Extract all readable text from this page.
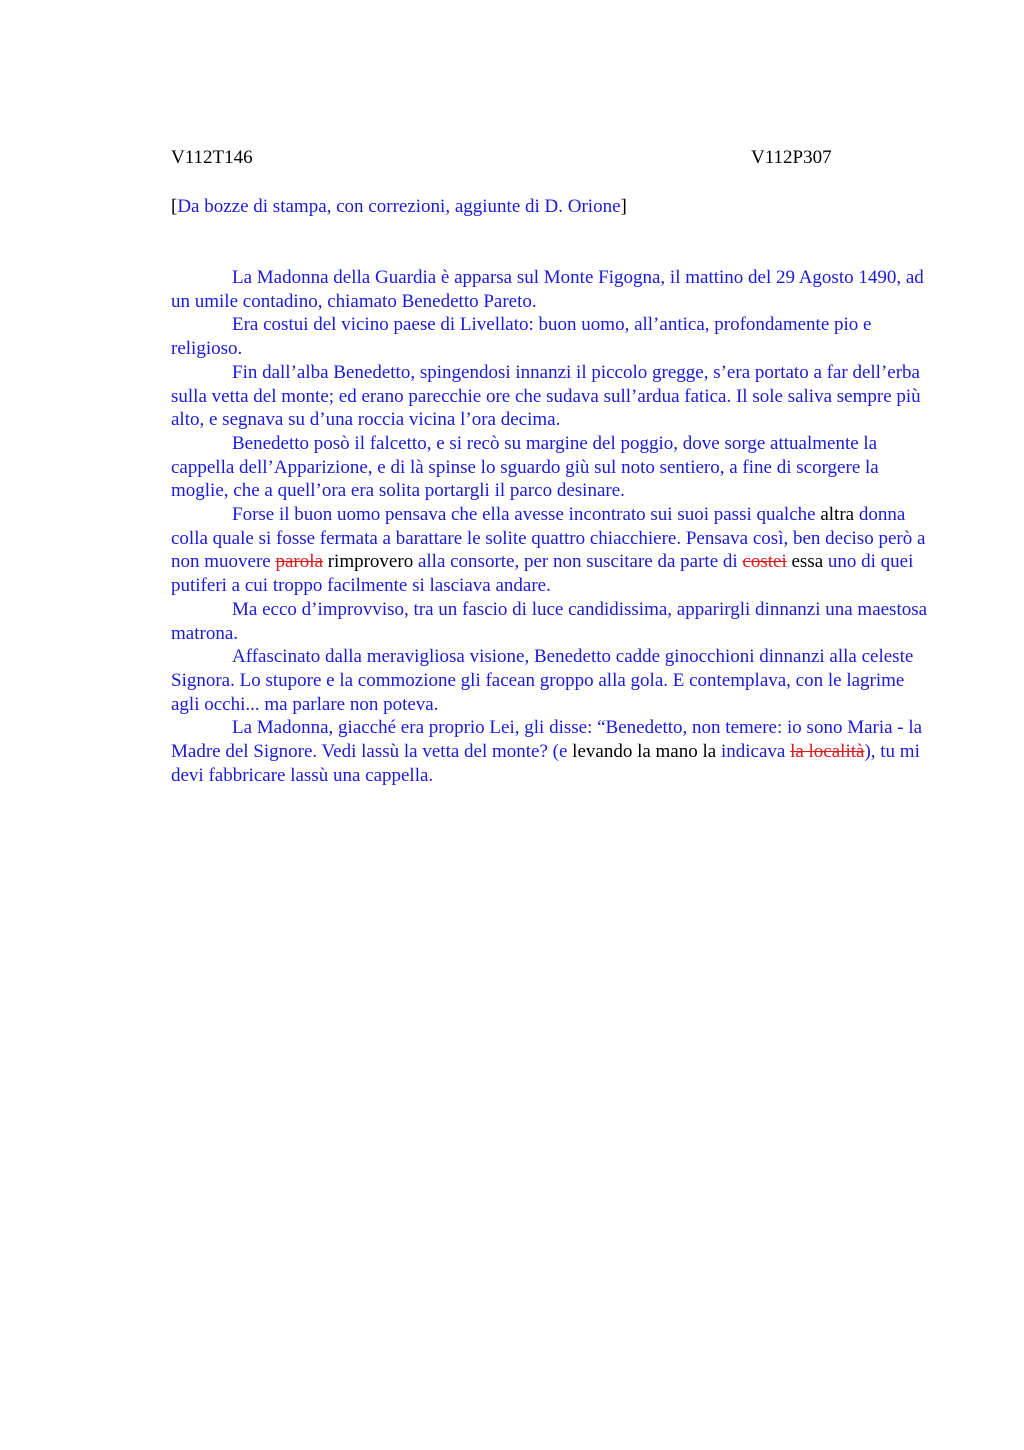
V112T146	V112P307
[Da bozze di stampa, con correzioni, aggiunte di D. Orione]

La Madonna della Guardia è apparsa sul Monte Figogna, il mattino del 29 Agosto 1490, ad un umile contadino, chiamato Benedetto Pareto.

Era costui del vicino paese di Livellato: buon uomo, all’antica, profondamente pio e religioso.

Fin dall’alba Benedetto, spingendosi innanzi il piccolo gregge, s’era portato a far dell’erba sulla vetta del monte; ed erano parecchie ore che sudava sull’ardua fatica. Il sole saliva sempre più alto, e segnava su d’una roccia vicina l’ora decima.

Benedetto posò il falcetto, e si recò su margine del poggio, dove sorge attualmente la cappella dell’Apparizione, e di là spinse lo sguardo giù sul noto sentiero, a fine di scorgere la moglie, che a quell’ora era solita portargli il parco desinare.

Forse il buon uomo pensava che ella avesse incontrato sui suoi passi qualche altra donna colla quale si fosse fermata a barattare le solite quattro chiacchiere. Pensava così, ben deciso però a non muovere parola rimprovero alla consorte, per non suscitare da parte di costei essa uno di quei putiferi a cui troppo facilmente si lasciava andare.

Ma ecco d’improvviso, tra un fascio di luce candidissima, apparirgli dinnanzi una maestosa matrona.

Affascinato dalla meravigliosa visione, Benedetto cadde ginocchioni dinnanzi alla celeste Signora. Lo stupore e la commozione gli facean groppo alla gola. E contemplava, con le lagrime agli occhi... ma parlare non poteva.

La Madonna, giacché era proprio Lei, gli disse: “Benedetto, non temere: io sono Maria - la Madre del Signore. Vedi lassù la vetta del monte? (e levando la mano la indicava la località), tu mi devi fabbricare lassù una cappella.
